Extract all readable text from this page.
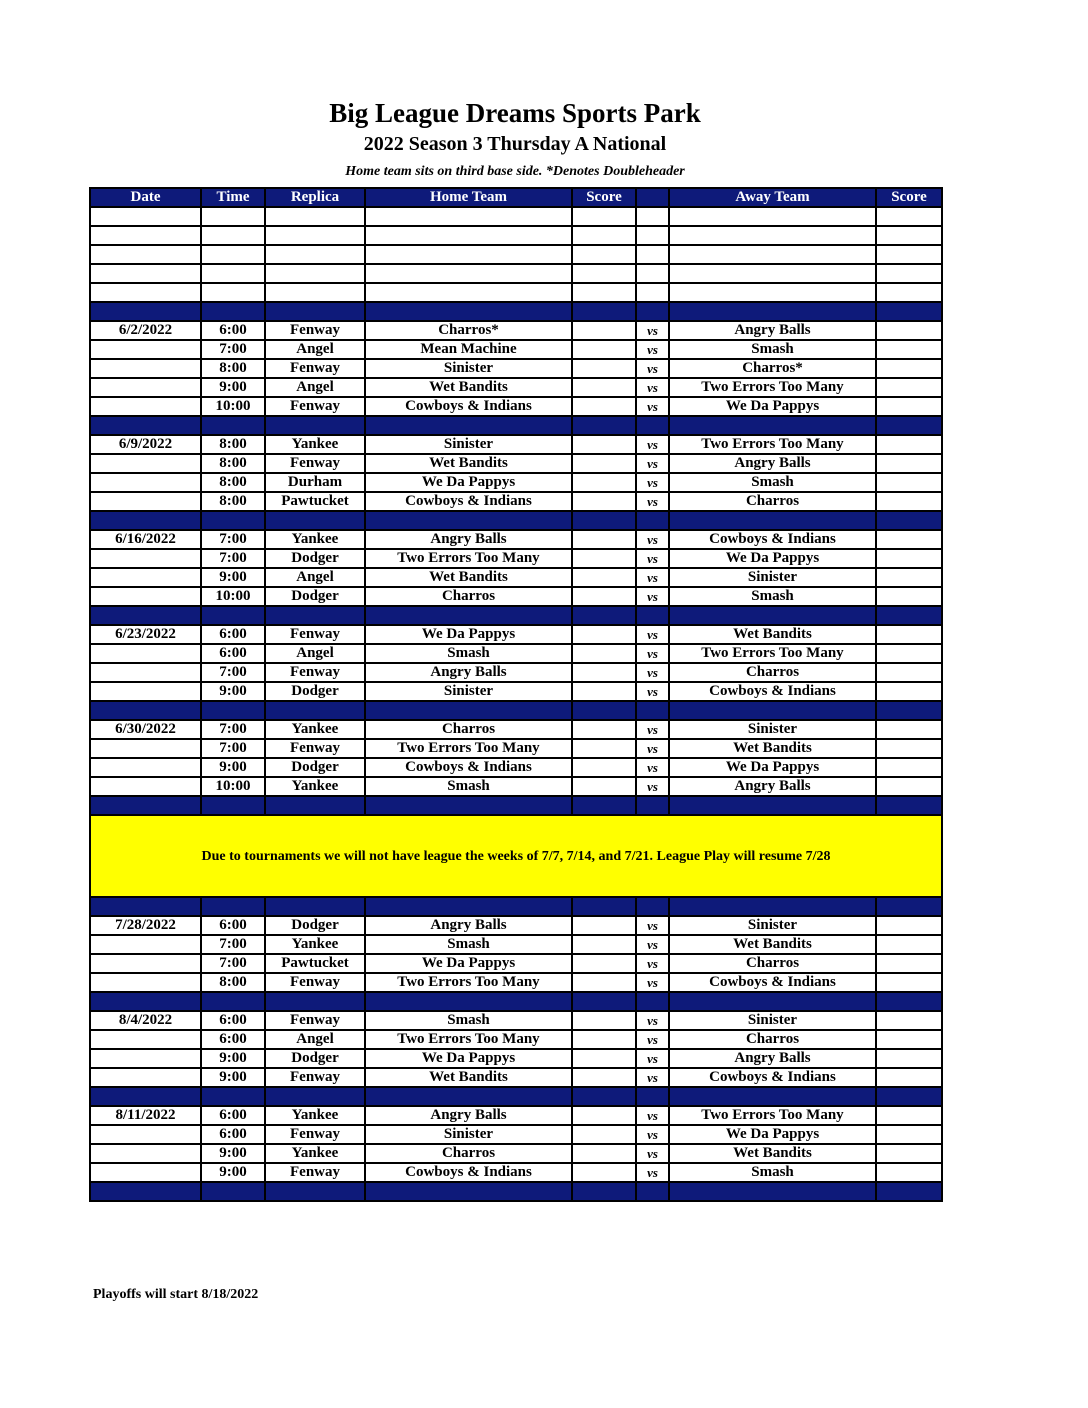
Big League Dreams Sports Park
2022 Season 3 Thursday A National
Home team sits on third base side. *Denotes Doubleheader
Date	Time	Replica	Home Team	Score		Away Team	Score

6/2/2022	6:00	Fenway	Charros*		vs	Angry Balls	
	7:00	Angel	Mean Machine		vs	Smash	
	8:00	Fenway	Sinister		vs	Charros*	
	9:00	Angel	Wet Bandits		vs	Two Errors Too Many	
	10:00	Fenway	Cowboys & Indians		vs	We Da Pappys	

6/9/2022	8:00	Yankee	Sinister		vs	Two Errors Too Many	
	8:00	Fenway	Wet Bandits		vs	Angry Balls	
	8:00	Durham	We Da Pappys		vs	Smash	
	8:00	Pawtucket	Cowboys & Indians		vs	Charros	

6/16/2022	7:00	Yankee	Angry Balls		vs	Cowboys & Indians	
	7:00	Dodger	Two Errors Too Many		vs	We Da Pappys	
	9:00	Angel	Wet Bandits		vs	Sinister	
	10:00	Dodger	Charros		vs	Smash	

6/23/2022	6:00	Fenway	We Da Pappys		vs	Wet Bandits	
	6:00	Angel	Smash		vs	Two Errors Too Many	
	7:00	Fenway	Angry Balls		vs	Charros	
	9:00	Dodger	Sinister		vs	Cowboys & Indians	

6/30/2022	7:00	Yankee	Charros		vs	Sinister	
	7:00	Fenway	Two Errors Too Many		vs	Wet Bandits	
	9:00	Dodger	Cowboys & Indians		vs	We Da Pappys	
	10:00	Yankee	Smash		vs	Angry Balls	

Due to tournaments we will not have league the weeks of 7/7, 7/14, and 7/21. League Play will resume 7/28							

7/28/2022	6:00	Dodger	Angry Balls		vs	Sinister	
	7:00	Yankee	Smash		vs	Wet Bandits	
	7:00	Pawtucket	We Da Pappys		vs	Charros	
	8:00	Fenway	Two Errors Too Many		vs	Cowboys & Indians	

8/4/2022	6:00	Fenway	Smash		vs	Sinister	
	6:00	Angel	Two Errors Too Many		vs	Charros	
	9:00	Dodger	We Da Pappys		vs	Angry Balls	
	9:00	Fenway	Wet Bandits		vs	Cowboys & Indians	

8/11/2022	6:00	Yankee	Angry Balls		vs	Two Errors Too Many	
	6:00	Fenway	Sinister		vs	We Da Pappys	
	9:00	Yankee	Charros		vs	Wet Bandits	
	9:00	Fenway	Cowboys & Indians		vs	Smash	

Playoffs will start 8/18/2022
